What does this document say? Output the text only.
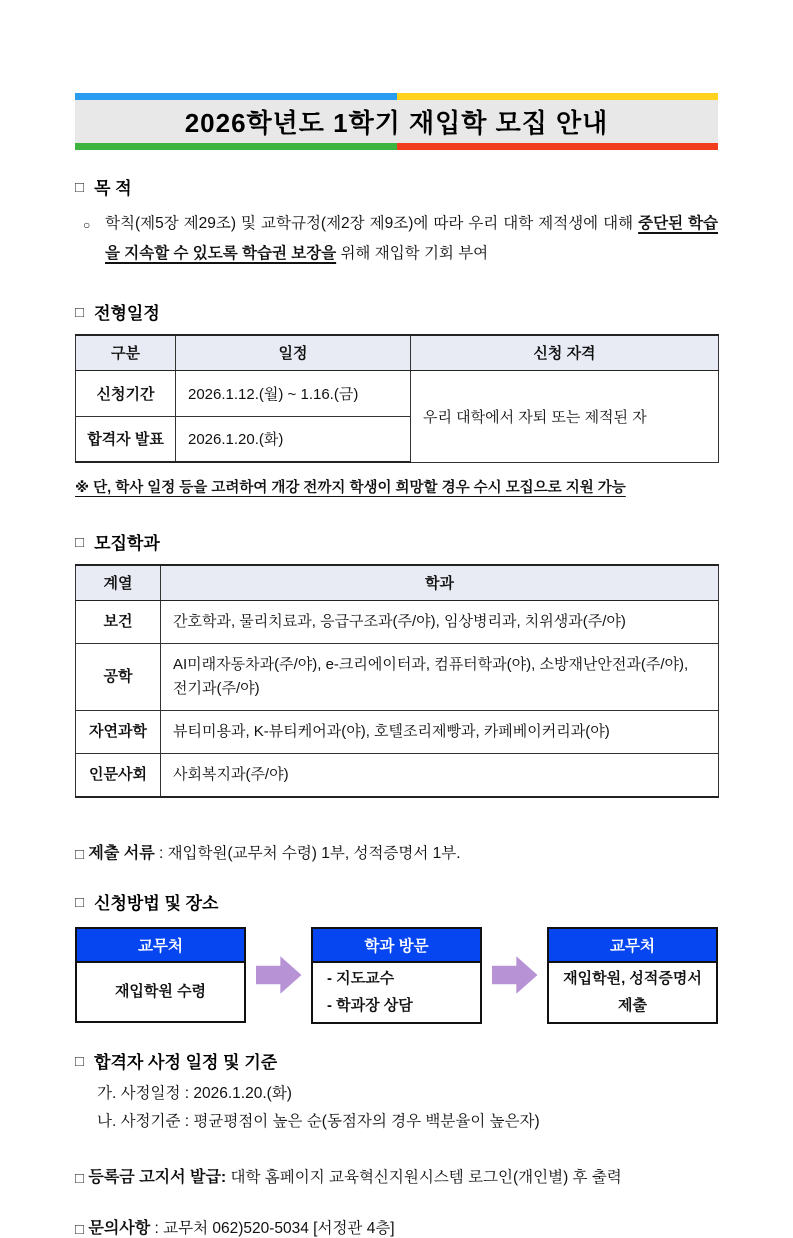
2026학년도 1학기 재입학 모집 안내
□ 목 적
○ 학칙(제5장 제29조) 및 교학규정(제2장 제9조)에 따라 우리 대학 제적생에 대해 중단된 학습을 지속할 수 있도록 학습권 보장을 위해 재입학 기회 부여
□ 전형일정
구분	일정	신청 자격
신청기간	2026.1.12.(월) ~ 1.16.(금)	우리 대학에서 자퇴 또는 제적된 자
합격자 발표	2026.1.20.(화)	
※ 단, 학사 일정 등을 고려하여 개강 전까지 학생이 희망할 경우 수시 모집으로 지원 가능
□ 모집학과
계열	학과
보건	간호학과, 물리치료과, 응급구조과(주/야), 임상병리과, 치위생과(주/야)
공학	AI미래자동차과(주/야), e-크리에이터과, 컴퓨터학과(야), 소방재난안전과(주/야), 전기과(주/야)
자연과학	뷰티미용과, K-뷰티케어과(야), 호텔조리제빵과, 카페베이커리과(야)
인문사회	사회복지과(주/야)
□ 제출 서류 : 재입학원(교무처 수령) 1부, 성적증명서 1부.
□ 신청방법 및 장소
교무처
재입학원 수령
학과 방문
- 지도교수
- 학과장 상담
교무처
재입학원, 성적증명서
제출
□ 합격자 사정 일정 및 기준
가. 사정일정 : 2026.1.20.(화)
나. 사정기준 : 평균평점이 높은 순(동점자의 경우 백분율이 높은자)
□ 등록금 고지서 발급: 대학 홈페이지 교육혁신지원시스템 로그인(개인별) 후 출력
□ 문의사항 : 교무처 062)520-5034 [서정관 4층]
